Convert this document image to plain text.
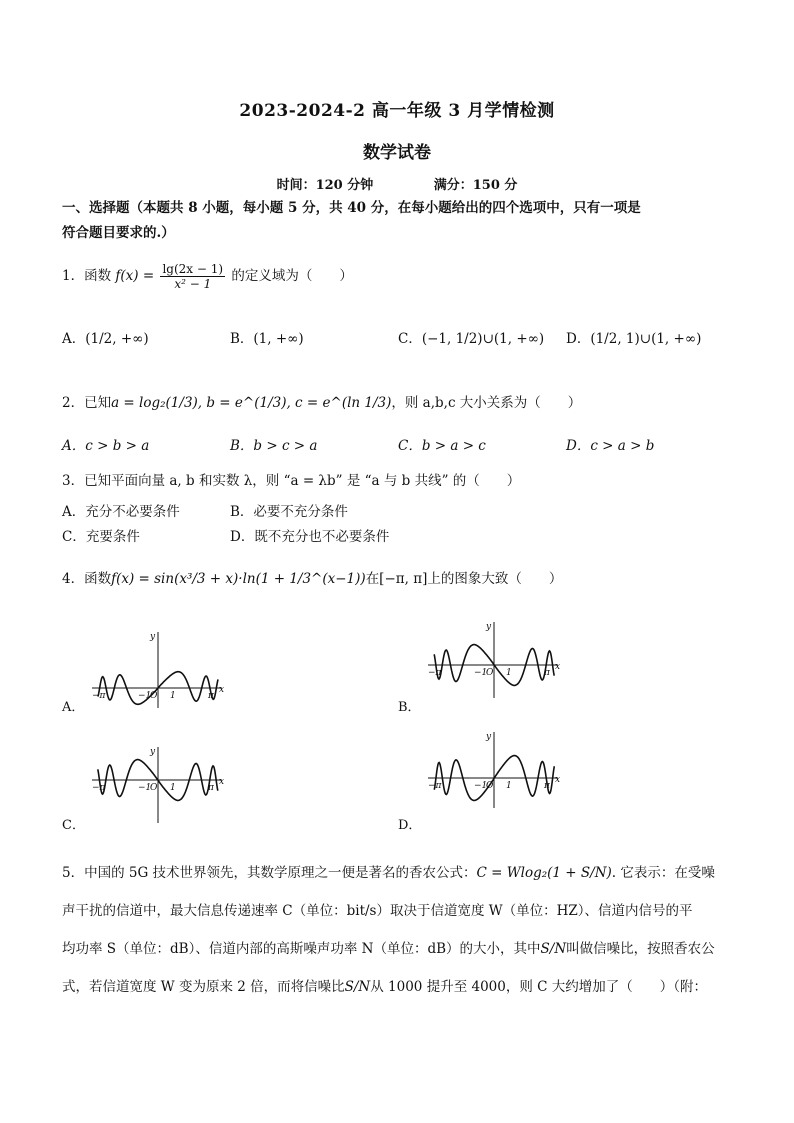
2023-2024-2 高一年级 3 月学情检测
数学试卷
时间：120 分钟	满分：150 分
一、选择题（本题共 8 小题，每小题 5 分，共 40 分，在每小题给出的四个选项中，只有一项是
符合题目要求的.）
1．函数 $f(x) = \frac{\lg(2x - 1)}{\text{x² − 1}}$ 的定义域为（　　）
A．(1/2, +∞)	B．(1, +∞)	C．(−1, 1/2)∪(1, +∞) D．(1/2, 1)∪(1, +∞)
2．已知a = log₂(1/3), b = e^(1/3), c = e^(ln 1/3)，则 a,b,c 大小关系为（　　）
A．c > b > a	B．b > c > a	C．b > a > c	D．c > a > b
3．已知平面向量 a, b 和实数 λ，则 “a = λb” 是 “a 与 b 共线” 的（　　）
A．充分不必要条件	B．必要不充分条件
C．充要条件	D．既不充分也不必要条件
4．函数f(x) = sin(x³/3 + x)·ln(1 + 1/3^(x−1))在[−π, π]上的图象大致（　　）
A．	B．
C．	D．
−π	−1
O 1	π
x
y
−π	−1
O 1	π
x
y
−π	−1
O 1	π
x
y
−π	−1
O 1	π
x
y
5．中国的 5G 技术世界领先，其数学原理之一便是著名的香农公式：C = Wlog₂(1 + S/N). 它表示：在受噪
声干扰的信道中，最大信息传递速率 C（单位：bit/s）取决于信道宽度 W（单位：HZ）、信道内信号的平
均功率 S（单位：dB）、信道内部的高斯噪声功率 N（单位：dB）的大小，其中S/N叫做信噪比，按照香农公
式，若信道宽度 W 变为原来 2 倍，而将信噪比S/N从 1000 提升至 4000，则 C 大约增加了（　　）（附：
